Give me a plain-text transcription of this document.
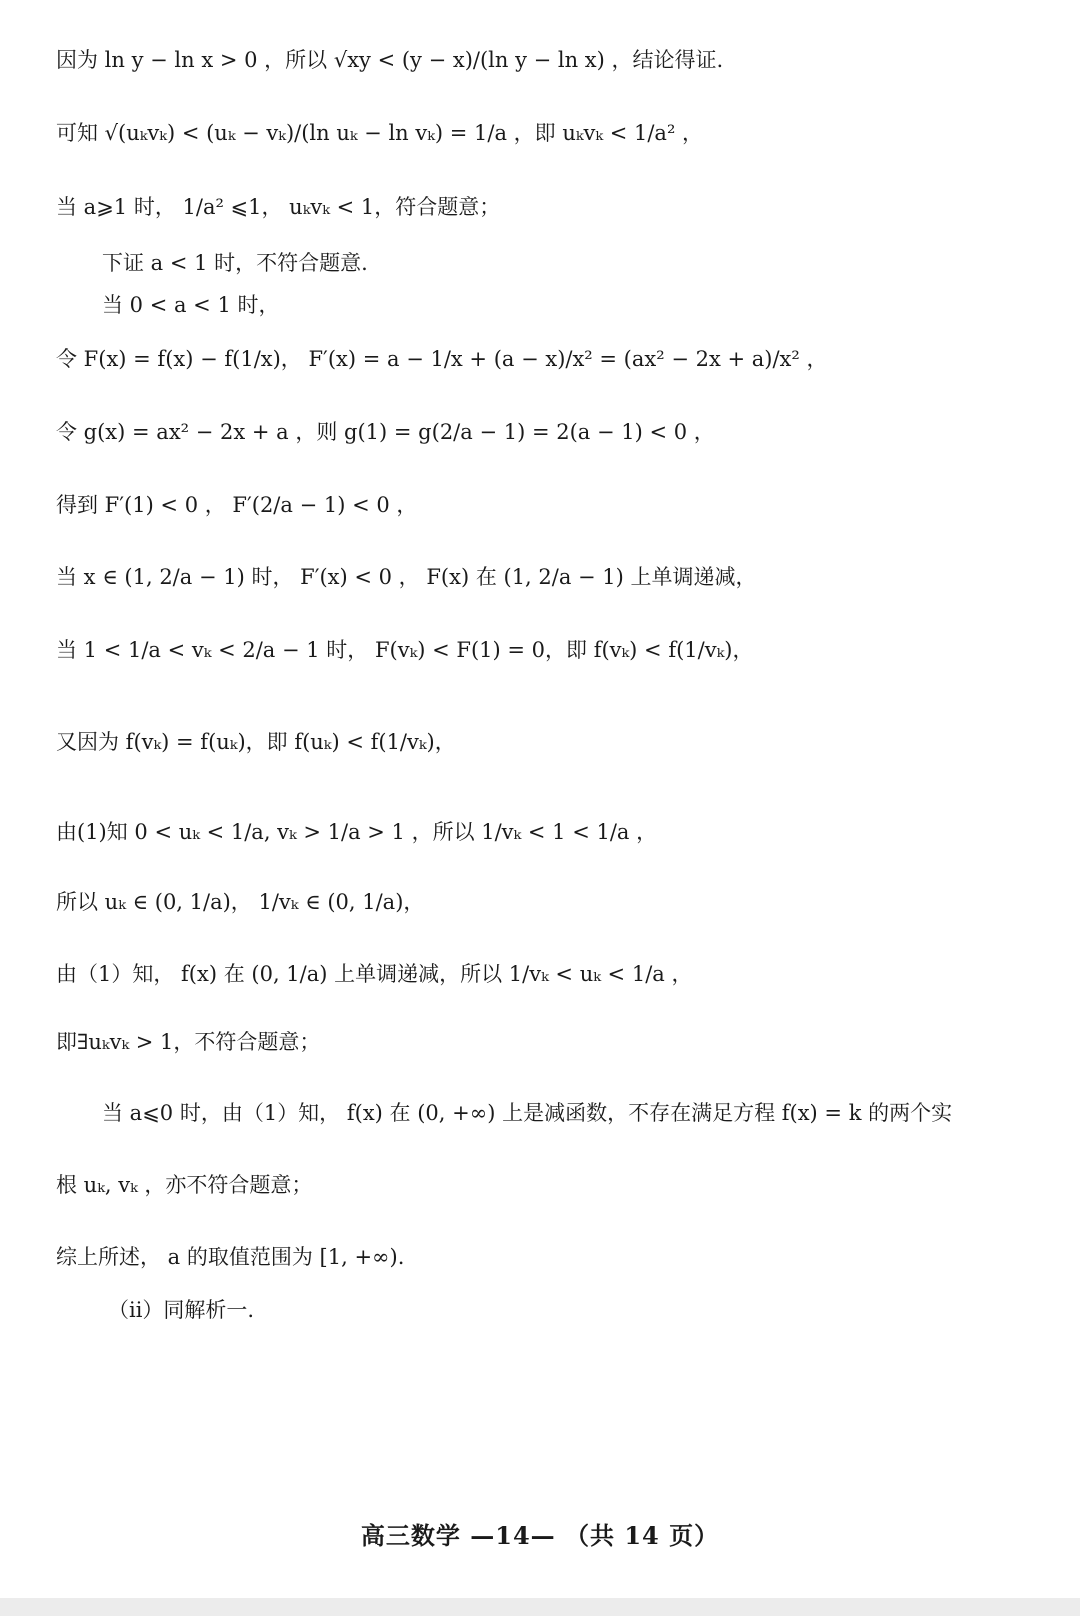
因为 ln y − ln x > 0 ，所以 √xy < (y − x)/(ln y − ln x) ，结论得证.
可知 √(uₖvₖ) < (uₖ − vₖ)/(ln uₖ − ln vₖ) = 1/a ，即 uₖvₖ < 1/a² ，
当 a⩾1 时， 1/a² ⩽1， uₖvₖ < 1，符合题意；
下证 a < 1 时，不符合题意.
当 0 < a < 1 时，
令 F(x) = f(x) − f(1/x)， F′(x) = a − 1/x + (a − x)/x² = (ax² − 2x + a)/x² ，
令 g(x) = ax² − 2x + a ，则 g(1) = g(2/a − 1) = 2(a − 1) < 0 ，
得到 F′(1) < 0 ， F′(2/a − 1) < 0 ，
当 x ∈ (1, 2/a − 1) 时， F′(x) < 0 ， F(x) 在 (1, 2/a − 1) 上单调递减，
当 1 < 1/a < vₖ < 2/a − 1 时， F(vₖ) < F(1) = 0，即 f(vₖ) < f(1/vₖ)，
又因为 f(vₖ) = f(uₖ)，即 f(uₖ) < f(1/vₖ)，
由(1)知 0 < uₖ < 1/a, vₖ > 1/a > 1 ，所以 1/vₖ < 1 < 1/a ，
所以 uₖ ∈ (0, 1/a)， 1/vₖ ∈ (0, 1/a)，
由（1）知， f(x) 在 (0, 1/a) 上单调递减，所以 1/vₖ < uₖ < 1/a ，
即∃uₖvₖ > 1，不符合题意；
当 a⩽0 时，由（1）知， f(x) 在 (0, +∞) 上是减函数，不存在满足方程 f(x) = k 的两个实
根 uₖ, vₖ ，亦不符合题意；
综上所述， a 的取值范围为 [1, +∞).
（ⅱ）同解析一.
高三数学 —14— （共 14 页）
